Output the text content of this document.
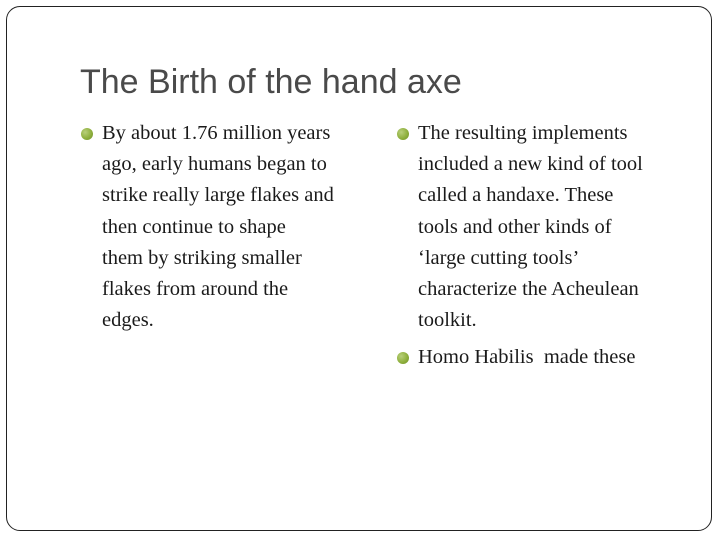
The Birth of the hand axe
By about 1.76 million years
ago, early humans began to
strike really large flakes and
then continue to shape
them by striking smaller
flakes from around the
edges.
The resulting implements
included a new kind of tool
called a handaxe. These
tools and other kinds of
‘large cutting tools’
characterize the Acheulean
toolkit.
Homo Habilis  made these
